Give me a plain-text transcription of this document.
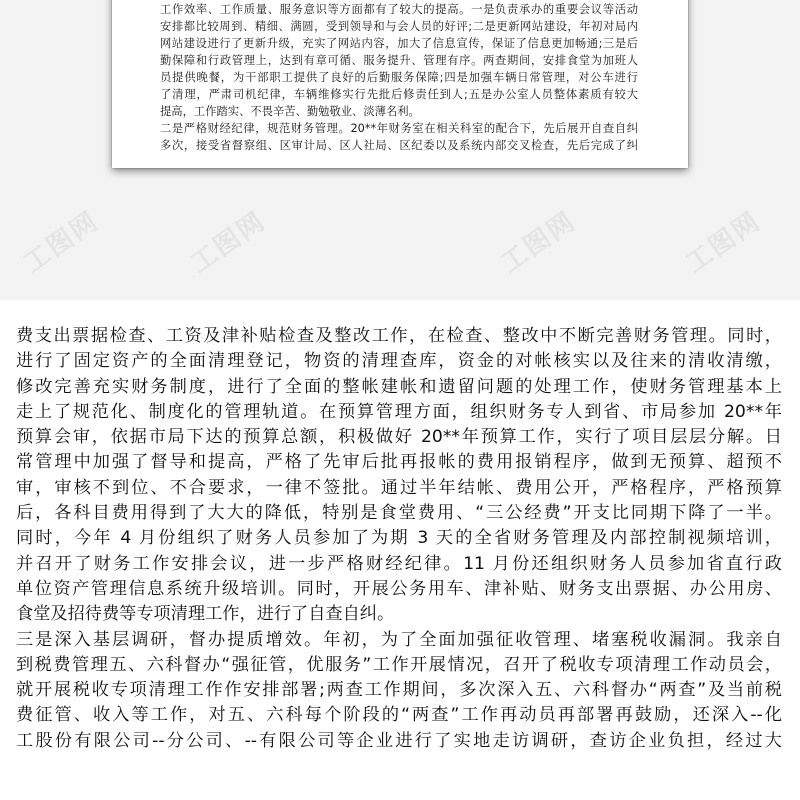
工作效率、工作质量、服务意识等方面都有了较大的提高。一是负责承办的重要会议等活动
安排都比较周到、精细、满圆，受到领导和与会人员的好评;二是更新网站建设，年初对局内
网站建设进行了更新升级，充实了网站内容，加大了信息宣传，保证了信息更加畅通;三是后
勤保障和行政管理上，达到有章可循、服务提升、管理有序。两查期间，安排食堂为加班人
员提供晚餐，为干部职工提供了良好的后勤服务保障;四是加强车辆日常管理，对公车进行
了清理，严肃司机纪律，车辆维修实行先批后修责任到人;五是办公室人员整体素质有较大
提高，工作踏实、不畏辛苦、勤勉敬业、淡薄名利。
二是严格财经纪律，规范财务管理。20**年财务室在相关科室的配合下，先后展开自查自纠
多次，接受省督察组、区审计局、区人社局、区纪委以及系统内部交叉检查，先后完成了纠
工图网	工图网	工图网	工图网
费支出票据检查、工资及津补贴检查及整改工作，在检查、整改中不断完善财务管理。同时，
进行了固定资产的全面清理登记，物资的清理查库，资金的对帐核实以及往来的清收清缴，
修改完善充实财务制度，进行了全面的整帐建帐和遗留问题的处理工作，使财务管理基本上
走上了规范化、制度化的管理轨道。在预算管理方面，组织财务专人到省、市局参加 20**年
预算会审，依据市局下达的预算总额，积极做好 20**年预算工作，实行了项目层层分解。日
常管理中加强了督导和提高，严格了先审后批再报帐的费用报销程序，做到无预算、超预不
审，审核不到位、不合要求，一律不签批。通过半年结帐、费用公开，严格程序，严格预算
后，各科目费用得到了大大的降低，特别是食堂费用、“三公经费”开支比同期下降了一半。
同时，今年 4 月份组织了财务人员参加了为期 3 天的全省财务管理及内部控制视频培训，
并召开了财务工作安排会议，进一步严格财经纪律。11 月份还组织财务人员参加省直行政
单位资产管理信息系统升级培训。同时，开展公务用车、津补贴、财务支出票据、办公用房、
食堂及招待费等专项清理工作，进行了自查自纠。
三是深入基层调研，督办提质增效。年初，为了全面加强征收管理、堵塞税收漏洞。我亲自
到税费管理五、六科督办“强征管，优服务”工作开展情况，召开了税收专项清理工作动员会，
就开展税收专项清理工作作安排部署;两查工作期间，多次深入五、六科督办“两查”及当前税
费征管、收入等工作，对五、六科每个阶段的“两查”工作再动员再部署再鼓励，还深入--化
工股份有限公司--分公司、--有限公司等企业进行了实地走访调研，查访企业负担，经过大
